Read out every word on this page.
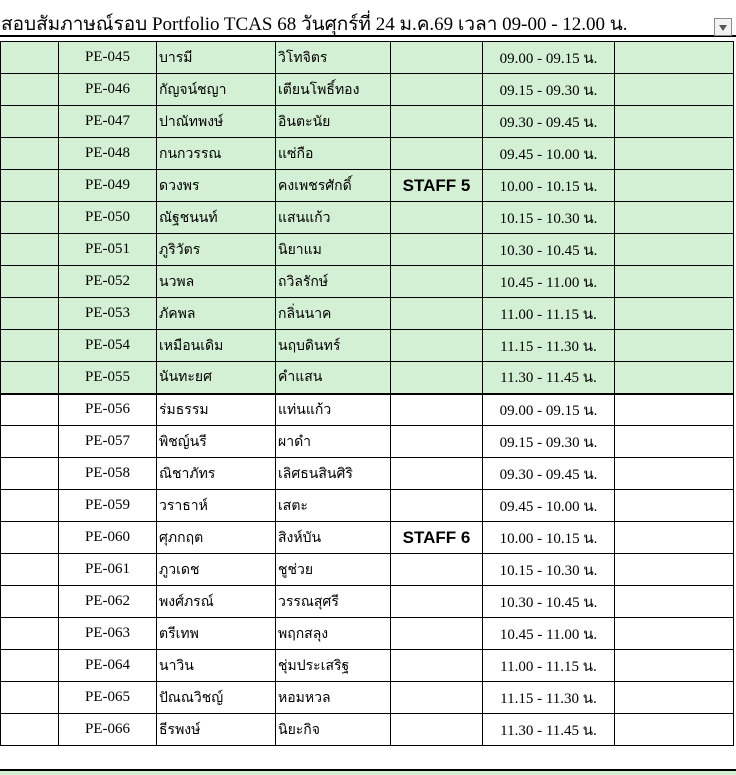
สอบสัมภาษณ์รอบ Portfolio TCAS 68 วันศุกร์ที่ 24 ม.ค.69 เวลา 09-00 - 12.00 น.
	PE-045	บารมี	วิโทจิตร		09.00 - 09.15 น.	
	PE-046	กัญจน์ชญา	เตียนโพธิ์ทอง		09.15 - 09.30 น.	
	PE-047	ปาณัทพงษ์	อินตะนัย		09.30 - 09.45 น.	
	PE-048	กนกวรรณ	แซ่กือ		09.45 - 10.00 น.	
	PE-049	ดวงพร	คงเพชรศักดิ์	STAFF 5	10.00 - 10.15 น.	
	PE-050	ณัฐชนนท์	แสนแก้ว		10.15 - 10.30 น.	
	PE-051	ภูริวัตร	นิยาแม		10.30 - 10.45 น.	
	PE-052	นวพล	ถวิลรักษ์		10.45 - 11.00 น.	
	PE-053	ภัคพล	กลิ่นนาค		11.00 - 11.15 น.	
	PE-054	เหมือนเดิม	นฤบดินทร์		11.15 - 11.30 น.	
	PE-055	นันทะยศ	คำแสน		11.30 - 11.45 น.	
	PE-056	ร่มธรรม	แท่นแก้ว		09.00 - 09.15 น.	
	PE-057	พิชญ์นรี	ผาดำ		09.15 - 09.30 น.	
	PE-058	ณิชาภัทร	เลิศธนสินศิริ		09.30 - 09.45 น.	
	PE-059	วราธาห์	เสตะ		09.45 - 10.00 น.	
	PE-060	ศุภกฤต	สิงห์บัน	STAFF 6	10.00 - 10.15 น.	
	PE-061	ภูวเดช	ชูช่วย		10.15 - 10.30 น.	
	PE-062	พงศ์ภรณ์	วรรณสุศรี		10.30 - 10.45 น.	
	PE-063	ตรีเทพ	พฤกสลุง		10.45 - 11.00 น.	
	PE-064	นาวิน	ชุ่มประเสริฐ		11.00 - 11.15 น.	
	PE-065	ปัณณวิชญ์	หอมหวล		11.15 - 11.30 น.	
	PE-066	ธีรพงษ์	นิยะกิจ		11.30 - 11.45 น.	
